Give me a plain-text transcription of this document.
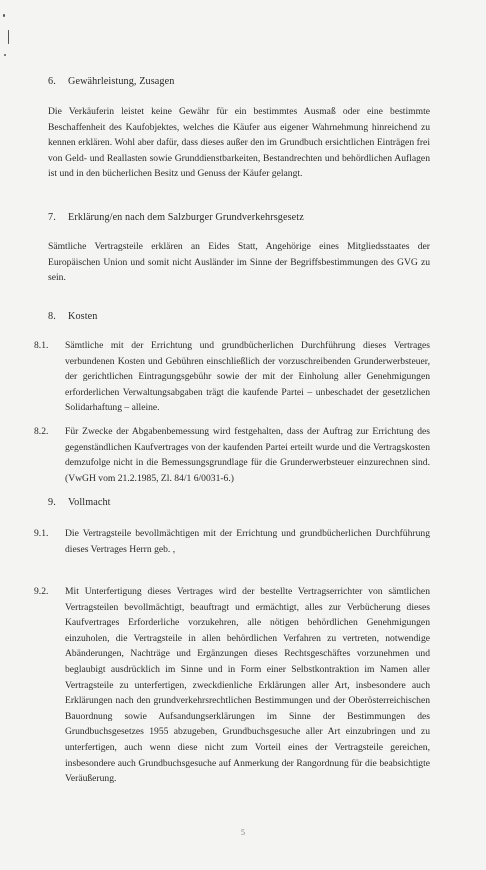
6.	Gewährleistung, Zusagen
Die Verkäuferin leistet keine Gewähr für ein bestimmtes Ausmaß oder eine bestimmte Beschaffenheit des Kaufobjektes, welches die Käufer aus eigener Wahrnehmung hinreichend zu kennen erklären. Wohl aber dafür, dass dieses außer den im Grundbuch ersichtlichen Einträgen frei von Geld- und Reallasten sowie Grunddienstbarkeiten, Bestandrechten und behördlichen Auflagen ist und in den bücherlichen Besitz und Genuss der Käufer gelangt.
7.	Erklärung/en nach dem Salzburger Grundverkehrsgesetz
Sämtliche Vertragsteile erklären an Eides Statt, Angehörige eines Mitgliedsstaates der Europäischen Union und somit nicht Ausländer im Sinne der Begriffsbestimmungen des GVG zu sein.
8.	Kosten
8.1.	Sämtliche mit der Errichtung und grundbücherlichen Durchführung dieses Vertrages verbundenen Kosten und Gebühren einschließlich der vorzuschreibenden Grunderwerbsteuer, der gerichtlichen Eintragungsgebühr sowie der mit der Einholung aller Genehmigungen erforderlichen Verwaltungsabgaben trägt die kaufende Partei – unbeschadet der gesetzlichen Solidarhaftung – alleine.
8.2.	Für Zwecke der Abgabenbemessung wird festgehalten, dass der Auftrag zur Errichtung des gegenständlichen Kaufvertrages von der kaufenden Partei erteilt wurde und die Vertragskosten demzufolge nicht in die Bemessungsgrundlage für die Grunderwerbsteuer einzurechnen sind. (VwGH vom 21.2.1985, Zl. 84/1 6/0031-6.)
9.	Vollmacht
9.1.	Die Vertragsteile bevollmächtigen mit der Errichtung und grundbücherlichen Durchführung dieses Vertrages Herrn geb. ,
9.2.	Mit Unterfertigung dieses Vertrages wird der bestellte Vertragserrichter von sämtlichen Vertragsteilen bevollmächtigt, beauftragt und ermächtigt, alles zur Verbücherung dieses Kaufvertrages Erforderliche vorzukehren, alle nötigen behördlichen Genehmigungen einzuholen, die Vertragsteile in allen behördlichen Verfahren zu vertreten, notwendige Abänderungen, Nachträge und Ergänzungen dieses Rechtsgeschäftes vorzunehmen und beglaubigt ausdrücklich im Sinne und in Form einer Selbstkontraktion im Namen aller Vertragsteile zu unterfertigen, zweckdienliche Erklärungen aller Art, insbesondere auch Erklärungen nach den grundverkehrsrechtlichen Bestimmungen und der Oberösterreichischen Bauordnung sowie Aufsandungserklärungen im Sinne der Bestimmungen des Grundbuchsgesetzes 1955 abzugeben, Grundbuchsgesuche aller Art einzubringen und zu unterfertigen, auch wenn diese nicht zum Vorteil eines der Vertragsteile gereichen, insbesondere auch Grundbuchsgesuche auf Anmerkung der Rangordnung für die beabsichtigte Veräußerung.
5
